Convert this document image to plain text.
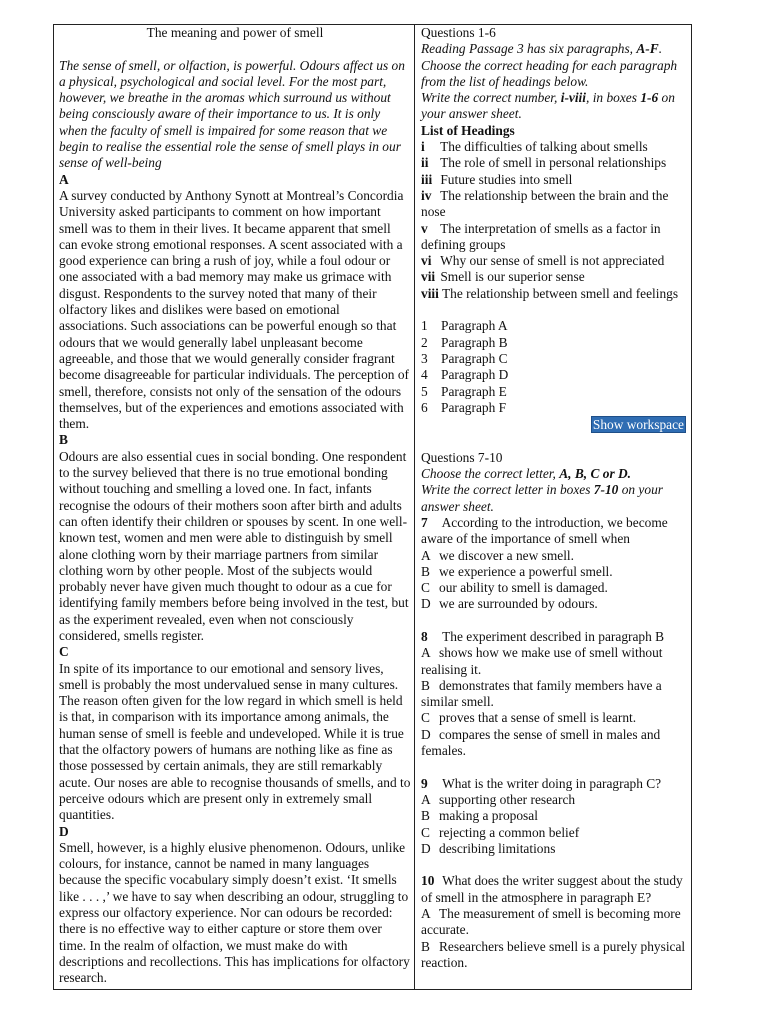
The meaning and power of smell

The sense of smell, or olfaction, is powerful. Odours affect us on a physical, psychological and social level. For the most part, however, we breathe in the aromas which surround us without being consciously aware of their importance to us. It is only when the faculty of smell is impaired for some reason that we begin to realise the essential role the sense of smell plays in our sense of well-being

A

A survey conducted by Anthony Synott at Montreal’s Concordia University asked participants to comment on how important smell was to them in their lives. It became apparent that smell can evoke strong emotional responses. A scent associated with a good experience can bring a rush of joy, while a foul odour or one associated with a bad memory may make us grimace with disgust. Respondents to the survey noted that many of their olfactory likes and dislikes were based on emotional associations. Such associations can be powerful enough so that odours that we would generally label unpleasant become agreeable, and those that we would generally consider fragrant become disagreeable for particular individuals. The perception of smell, therefore, consists not only of the sensation of the odours themselves, but of the experiences and emotions associated with them.

B

Odours are also essential cues in social bonding. One respondent to the survey believed that there is no true emotional bonding without touching and smelling a loved one. In fact, infants recognise the odours of their mothers soon after birth and adults can often identify their children or spouses by scent. In one well-known test, women and men were able to distinguish by smell alone clothing worn by their marriage partners from similar clothing worn by other people. Most of the subjects would probably never have given much thought to odour as a cue for identifying family members before being involved in the test, but as the experiment revealed, even when not consciously considered, smells register.

C

In spite of its importance to our emotional and sensory lives, smell is probably the most undervalued sense in many cultures. The reason often given for the low regard in which smell is held is that, in comparison with its importance among animals, the human sense of smell is feeble and undeveloped. While it is true that the olfactory powers of humans are nothing like as fine as those possessed by certain animals, they are still remarkably acute. Our noses are able to recognise thousands of smells, and to perceive odours which are present only in extremely small quantities.

D

Smell, however, is a highly elusive phenomenon. Odours, unlike colours, for instance, cannot be named in many languages because the specific vocabulary simply doesn’t exist. ‘It smells like . . . ,’ we have to say when describing an odour, struggling to express our olfactory experience. Nor can odours be recorded: there is no effective way to either capture or store them over time. In the realm of olfaction, we must make do with descriptions and recollections. This has implications for olfactory research.

Questions 1-6

Reading Passage 3 has six paragraphs, A-F.

Choose the correct heading for each paragraph from the list of headings below.

Write the correct number, i-viii, in boxes 1-6 on your answer sheet.

List of Headings

i The difficulties of talking about smells

ii The role of smell in personal relationships

iii Future studies into smell

iv The relationship between the brain and the nose

v The interpretation of smells as a factor in defining groups

vi Why our sense of smell is not appreciated

vii Smell is our superior sense

viii The relationship between smell and feelings

1 Paragraph A

2 Paragraph B

3 Paragraph C

4 Paragraph D

5 Paragraph E

6 Paragraph F

Show workspace

Questions 7-10

Choose the correct letter, A, B, C or D.

Write the correct letter in boxes 7-10 on your answer sheet.

7 According to the introduction, we become aware of the importance of smell when

A we discover a new smell.

B we experience a powerful smell.

C our ability to smell is damaged.

D we are surrounded by odours.

8 The experiment described in paragraph B

A shows how we make use of smell without realising it.

B demonstrates that family members have a similar smell.

C proves that a sense of smell is learnt.

D compares the sense of smell in males and females.

9 What is the writer doing in paragraph C?

A supporting other research

B making a proposal

C rejecting a common belief

D describing limitations

10 What does the writer suggest about the study of smell in the atmosphere in paragraph E?

A The measurement of smell is becoming more accurate.

B Researchers believe smell is a purely physical reaction.
